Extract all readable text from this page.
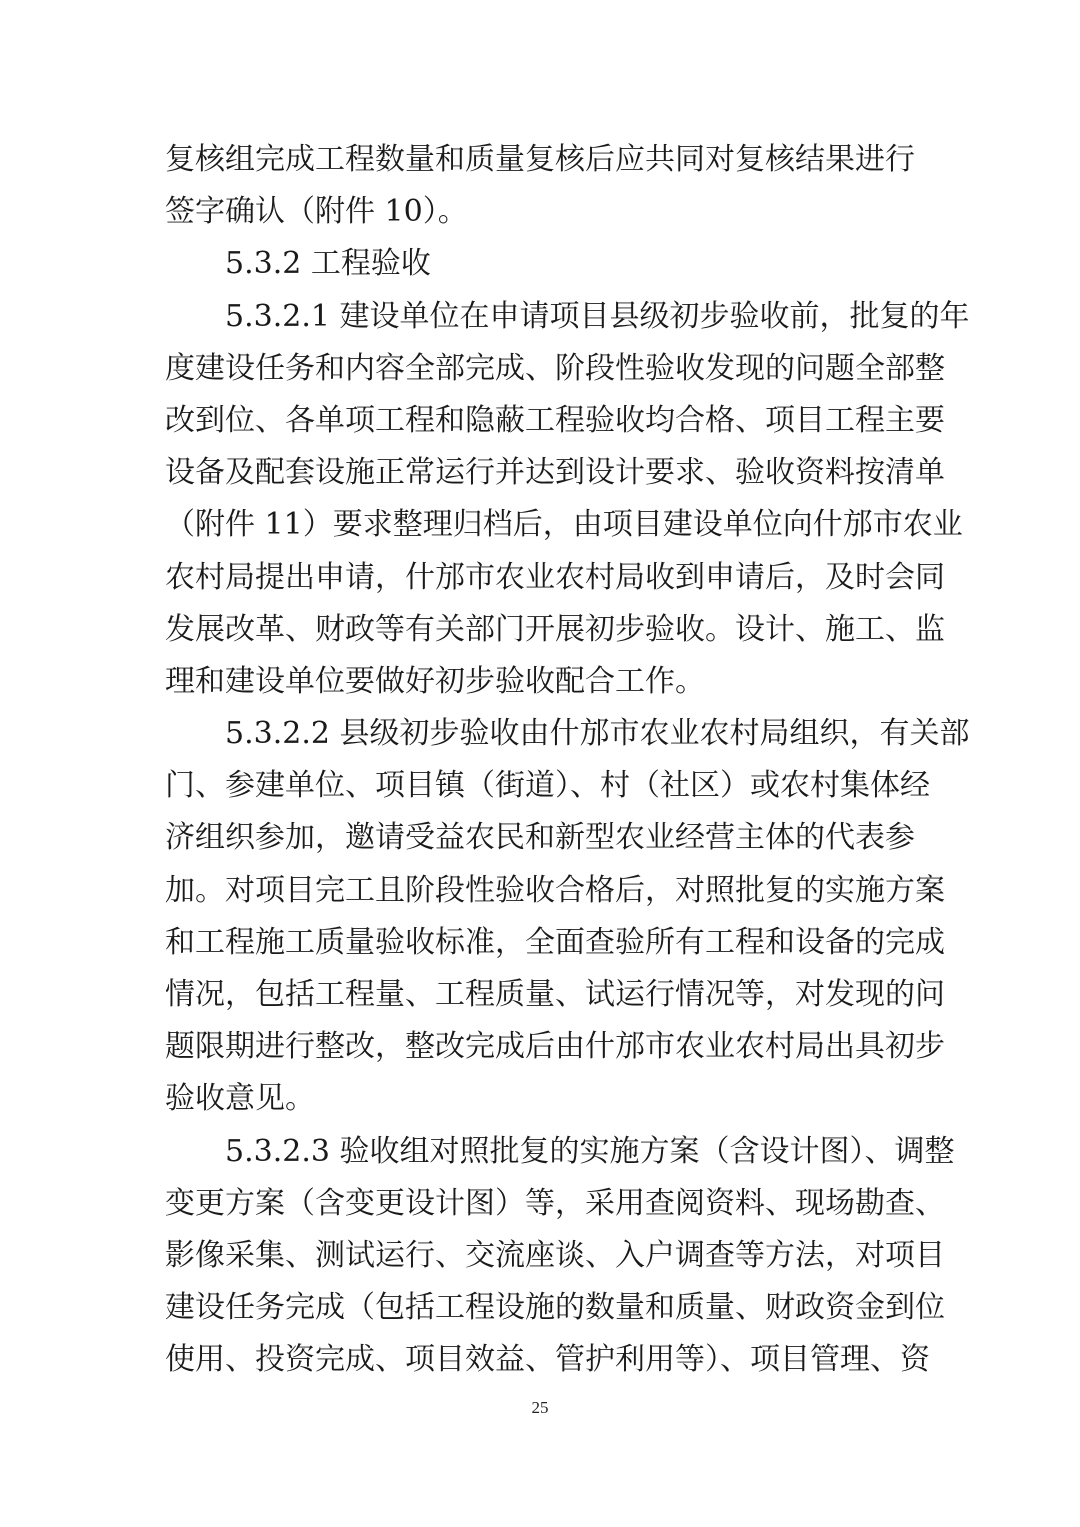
复核组完成工程数量和质量复核后应共同对复核结果进行
签字确认（附件 10）。
5.3.2 工程验收
5.3.2.1 建设单位在申请项目县级初步验收前，批复的年
度建设任务和内容全部完成、阶段性验收发现的问题全部整
改到位、各单项工程和隐蔽工程验收均合格、项目工程主要
设备及配套设施正常运行并达到设计要求、验收资料按清单
（附件 11）要求整理归档后，由项目建设单位向什邡市农业
农村局提出申请，什邡市农业农村局收到申请后，及时会同
发展改革、财政等有关部门开展初步验收。设计、施工、监
理和建设单位要做好初步验收配合工作。
5.3.2.2 县级初步验收由什邡市农业农村局组织，有关部
门、参建单位、项目镇（街道）、村（社区）或农村集体经
济组织参加，邀请受益农民和新型农业经营主体的代表参
加。对项目完工且阶段性验收合格后，对照批复的实施方案
和工程施工质量验收标准，全面查验所有工程和设备的完成
情况，包括工程量、工程质量、试运行情况等，对发现的问
题限期进行整改，整改完成后由什邡市农业农村局出具初步
验收意见。
5.3.2.3 验收组对照批复的实施方案（含设计图）、调整
变更方案（含变更设计图）等，采用查阅资料、现场勘查、
影像采集、测试运行、交流座谈、入户调查等方法，对项目
建设任务完成（包括工程设施的数量和质量、财政资金到位
使用、投资完成、项目效益、管护利用等）、项目管理、资
25
